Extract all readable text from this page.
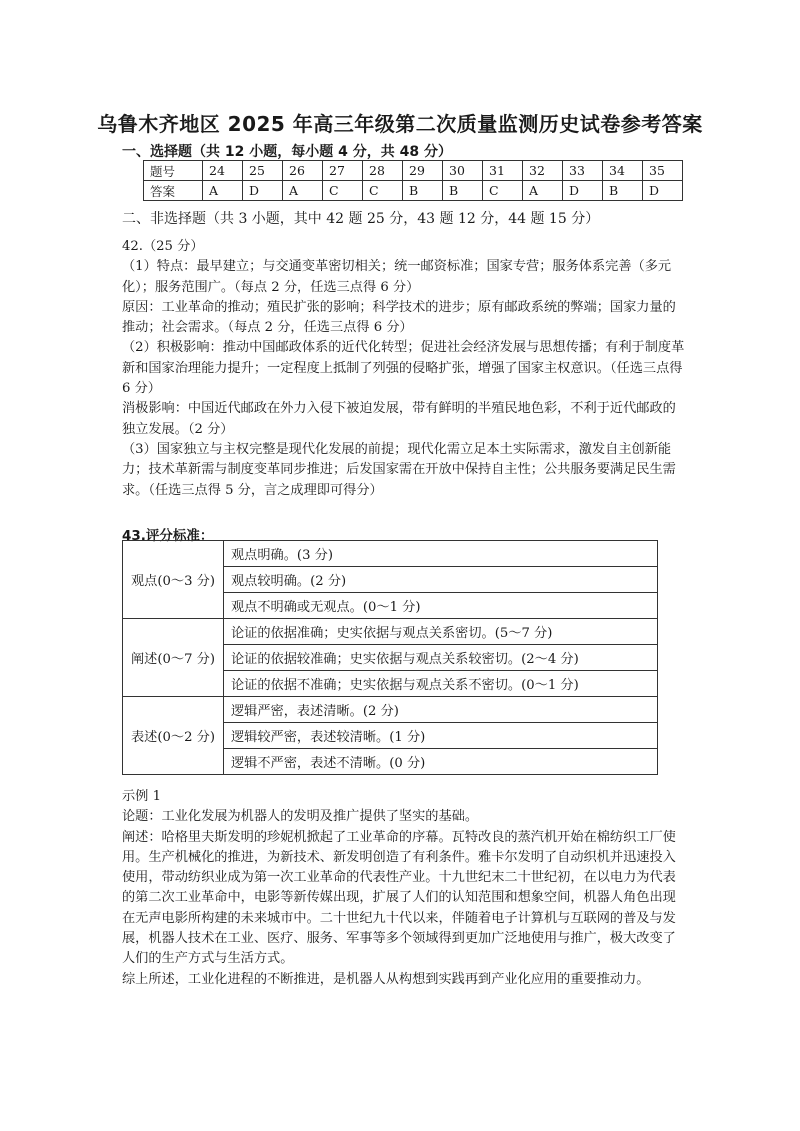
乌鲁木齐地区 2025 年高三年级第二次质量监测历史试卷参考答案
一、选择题（共 12 小题，每小题 4 分，共 48 分）
题号	24	25	26	27	28	29	30	31	32	33	34	35
答案	A	D	A	C	C	B	B	C	A	D	B	D
二、非选择题（共 3 小题，其中 42 题 25 分，43 题 12 分，44 题 15 分）

42.（25 分）

（1）特点：最早建立；与交通变革密切相关；统一邮资标准；国家专营；服务体系完善（多元化）；服务范围广。（每点 2 分，任选三点得 6 分）

原因：工业革命的推动；殖民扩张的影响；科学技术的进步；原有邮政系统的弊端；国家力量的推动；社会需求。（每点 2 分，任选三点得 6 分）

（2）积极影响：推动中国邮政体系的近代化转型；促进社会经济发展与思想传播；有利于制度革新和国家治理能力提升；一定程度上抵制了列强的侵略扩张，增强了国家主权意识。（任选三点得 6 分）

消极影响：中国近代邮政在外力入侵下被迫发展，带有鲜明的半殖民地色彩，不利于近代邮政的独立发展。（2 分）

（3）国家独立与主权完整是现代化发展的前提；现代化需立足本土实际需求，激发自主创新能力；技术革新需与制度变革同步推进；后发国家需在开放中保持自主性；公共服务要满足民生需求。（任选三点得 5 分，言之成理即可得分）

43.评分标准：
观点(0～3 分)	观点明确。(3 分)
	观点较明确。(2 分)
	观点不明确或无观点。(0～1 分)
阐述(0～7 分)	论证的依据准确；史实依据与观点关系密切。(5～7 分)
	论证的依据较准确；史实依据与观点关系较密切。(2～4 分)
	论证的依据不准确；史实依据与观点关系不密切。(0～1 分)
表述(0～2 分)	逻辑严密，表述清晰。(2 分)
	逻辑较严密，表述较清晰。(1 分)
	逻辑不严密，表述不清晰。(0 分)

示例 1

论题：工业化发展为机器人的发明及推广提供了坚实的基础。

阐述：哈格里夫斯发明的珍妮机掀起了工业革命的序幕。瓦特改良的蒸汽机开始在棉纺织工厂使用。生产机械化的推进，为新技术、新发明创造了有利条件。雅卡尔发明了自动织机并迅速投入使用，带动纺织业成为第一次工业革命的代表性产业。十九世纪末二十世纪初，在以电力为代表的第二次工业革命中，电影等新传媒出现，扩展了人们的认知范围和想象空间，机器人角色出现在无声电影所构建的未来城市中。二十世纪九十代以来，伴随着电子计算机与互联网的普及与发展，机器人技术在工业、医疗、服务、军事等多个领域得到更加广泛地使用与推广，极大改变了人们的生产方式与生活方式。

综上所述，工业化进程的不断推进，是机器人从构想到实践再到产业化应用的重要推动力。
